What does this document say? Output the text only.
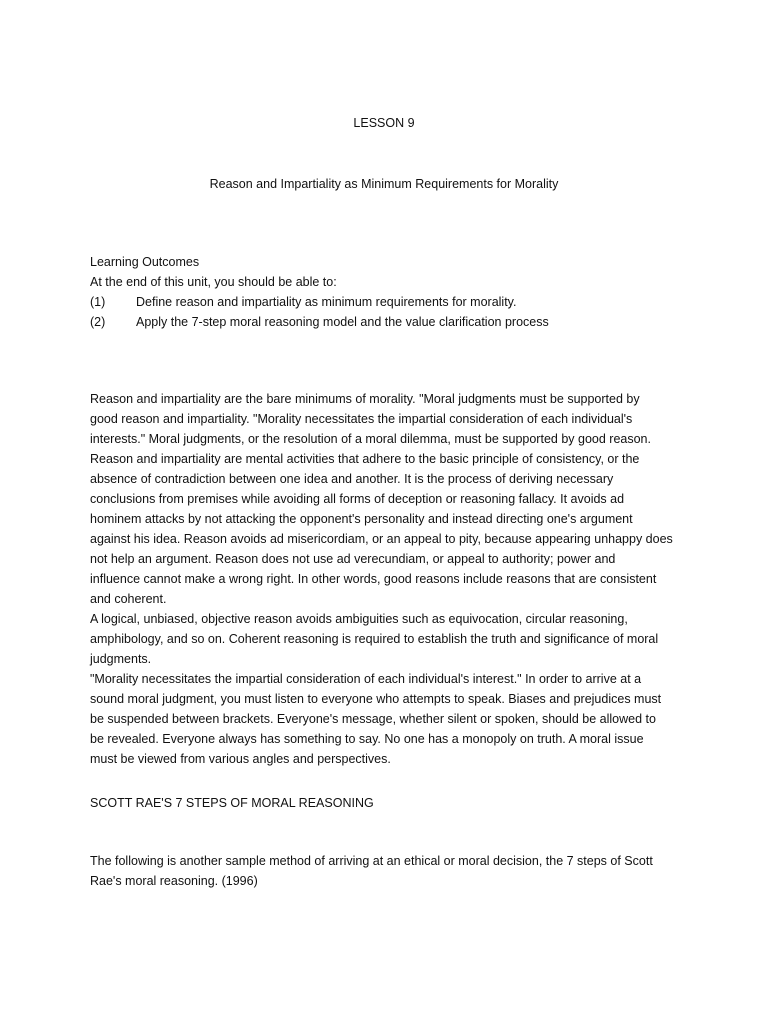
LESSON 9
Reason and Impartiality as Minimum Requirements for Morality
Learning Outcomes
At the end of this unit, you should be able to:
(1)	Define reason and impartiality as minimum requirements for morality.
(2)	Apply the 7-step moral reasoning model and the value clarification process
Reason and impartiality are the bare minimums of morality. "Moral judgments must be supported by
good reason and impartiality. "Morality necessitates the impartial consideration of each individual's
interests." Moral judgments, or the resolution of a moral dilemma, must be supported by good reason.
Reason and impartiality are mental activities that adhere to the basic principle of consistency, or the
absence of contradiction between one idea and another. It is the process of deriving necessary
conclusions from premises while avoiding all forms of deception or reasoning fallacy. It avoids ad
hominem attacks by not attacking the opponent's personality and instead directing one's argument
against his idea. Reason avoids ad misericordiam, or an appeal to pity, because appearing unhappy does
not help an argument. Reason does not use ad verecundiam, or appeal to authority; power and
influence cannot make a wrong right. In other words, good reasons include reasons that are consistent
and coherent.
A logical, unbiased, objective reason avoids ambiguities such as equivocation, circular reasoning,
amphibology, and so on. Coherent reasoning is required to establish the truth and significance of moral
judgments.
"Morality necessitates the impartial consideration of each individual's interest." In order to arrive at a
sound moral judgment, you must listen to everyone who attempts to speak. Biases and prejudices must
be suspended between brackets. Everyone's message, whether silent or spoken, should be allowed to
be revealed. Everyone always has something to say. No one has a monopoly on truth. A moral issue
must be viewed from various angles and perspectives.
SCOTT RAE'S 7 STEPS OF MORAL REASONING
The following is another sample method of arriving at an ethical or moral decision, the 7 steps of Scott
Rae's moral reasoning. (1996)
